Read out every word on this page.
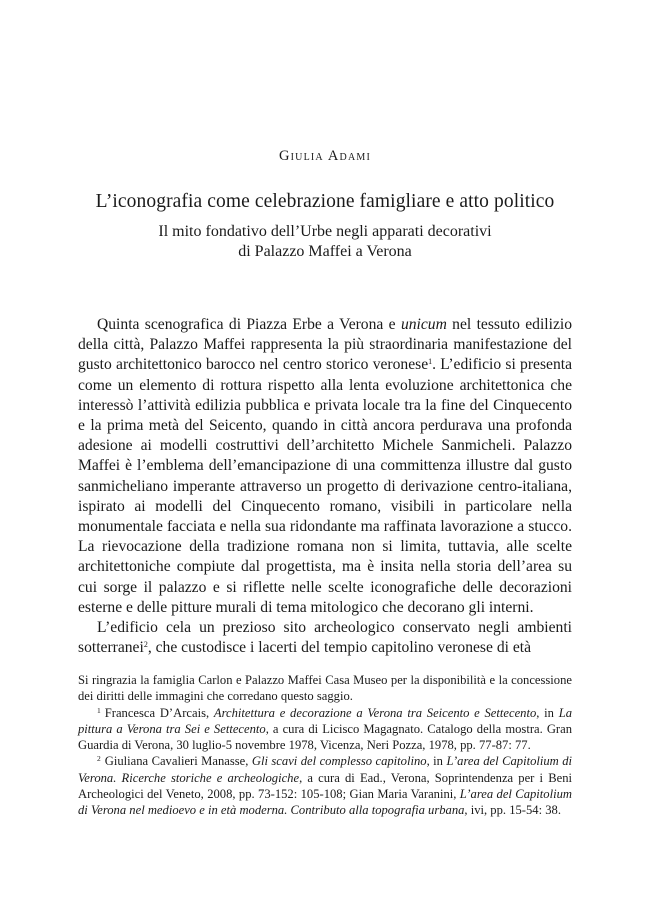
Giulia Adami
L’iconografia come celebrazione famigliare e atto politico
Il mito fondativo dell’Urbe negli apparati decorativi
di Palazzo Maffei a Verona

Quinta scenografica di Piazza Erbe a Verona e unicum nel tessuto edilizio della città, Palazzo Maffei rappresenta la più straordinaria manifestazione del gusto architettonico barocco nel centro storico veronese$^1$. L’edificio si presenta come un elemento di rottura rispetto alla lenta evoluzione architettonica che interessò l’attività edilizia pubblica e privata locale tra la fine del Cinquecento e la prima metà del Seicento, quando in città ancora perdurava una profonda adesione ai modelli costruttivi dell’architetto Michele Sanmicheli. Palazzo Maffei è l’emblema dell’emancipazione di una committenza illustre dal gusto sanmicheliano imperante attraverso un progetto di derivazione centro-italiana, ispirato ai modelli del Cinquecento romano, visibili in particolare nella monumentale facciata e nella sua ridondante ma raffinata lavorazione a stucco. La rievocazione della tradizione romana non si limita, tuttavia, alle scelte architettoniche compiute dal progettista, ma è insita nella storia dell’area su cui sorge il palazzo e si riflette nelle scelte iconografiche delle decorazioni esterne e delle pitture murali di tema mitologico che decorano gli interni.

L’edificio cela un prezioso sito archeologico conservato negli ambienti sotterranei$^2$, che custodisce i lacerti del tempio capitolino veronese di età

Si ringrazia la famiglia Carlon e Palazzo Maffei Casa Museo per la disponibilità e la concessione dei diritti delle immagini che corredano questo saggio.

$^1$ Francesca D’Arcais, Architettura e decorazione a Verona tra Seicento e Settecento, in La pittura a Verona tra Sei e Settecento, a cura di Licisco Magagnato. Catalogo della mostra. Gran Guardia di Verona, 30 luglio-5 novembre 1978, Vicenza, Neri Pozza, 1978, pp. 77-87: 77.

$^2$ Giuliana Cavalieri Manasse, Gli scavi del complesso capitolino, in L’area del Capitolium di Verona. Ricerche storiche e archeologiche, a cura di Ead., Verona, Soprintendenza per i Beni Archeologici del Veneto, 2008, pp. 73-152: 105-108; Gian Maria Varanini, L’area del Capitolium di Verona nel medioevo e in età moderna. Contributo alla topografia urbana, ivi, pp. 15-54: 38.
